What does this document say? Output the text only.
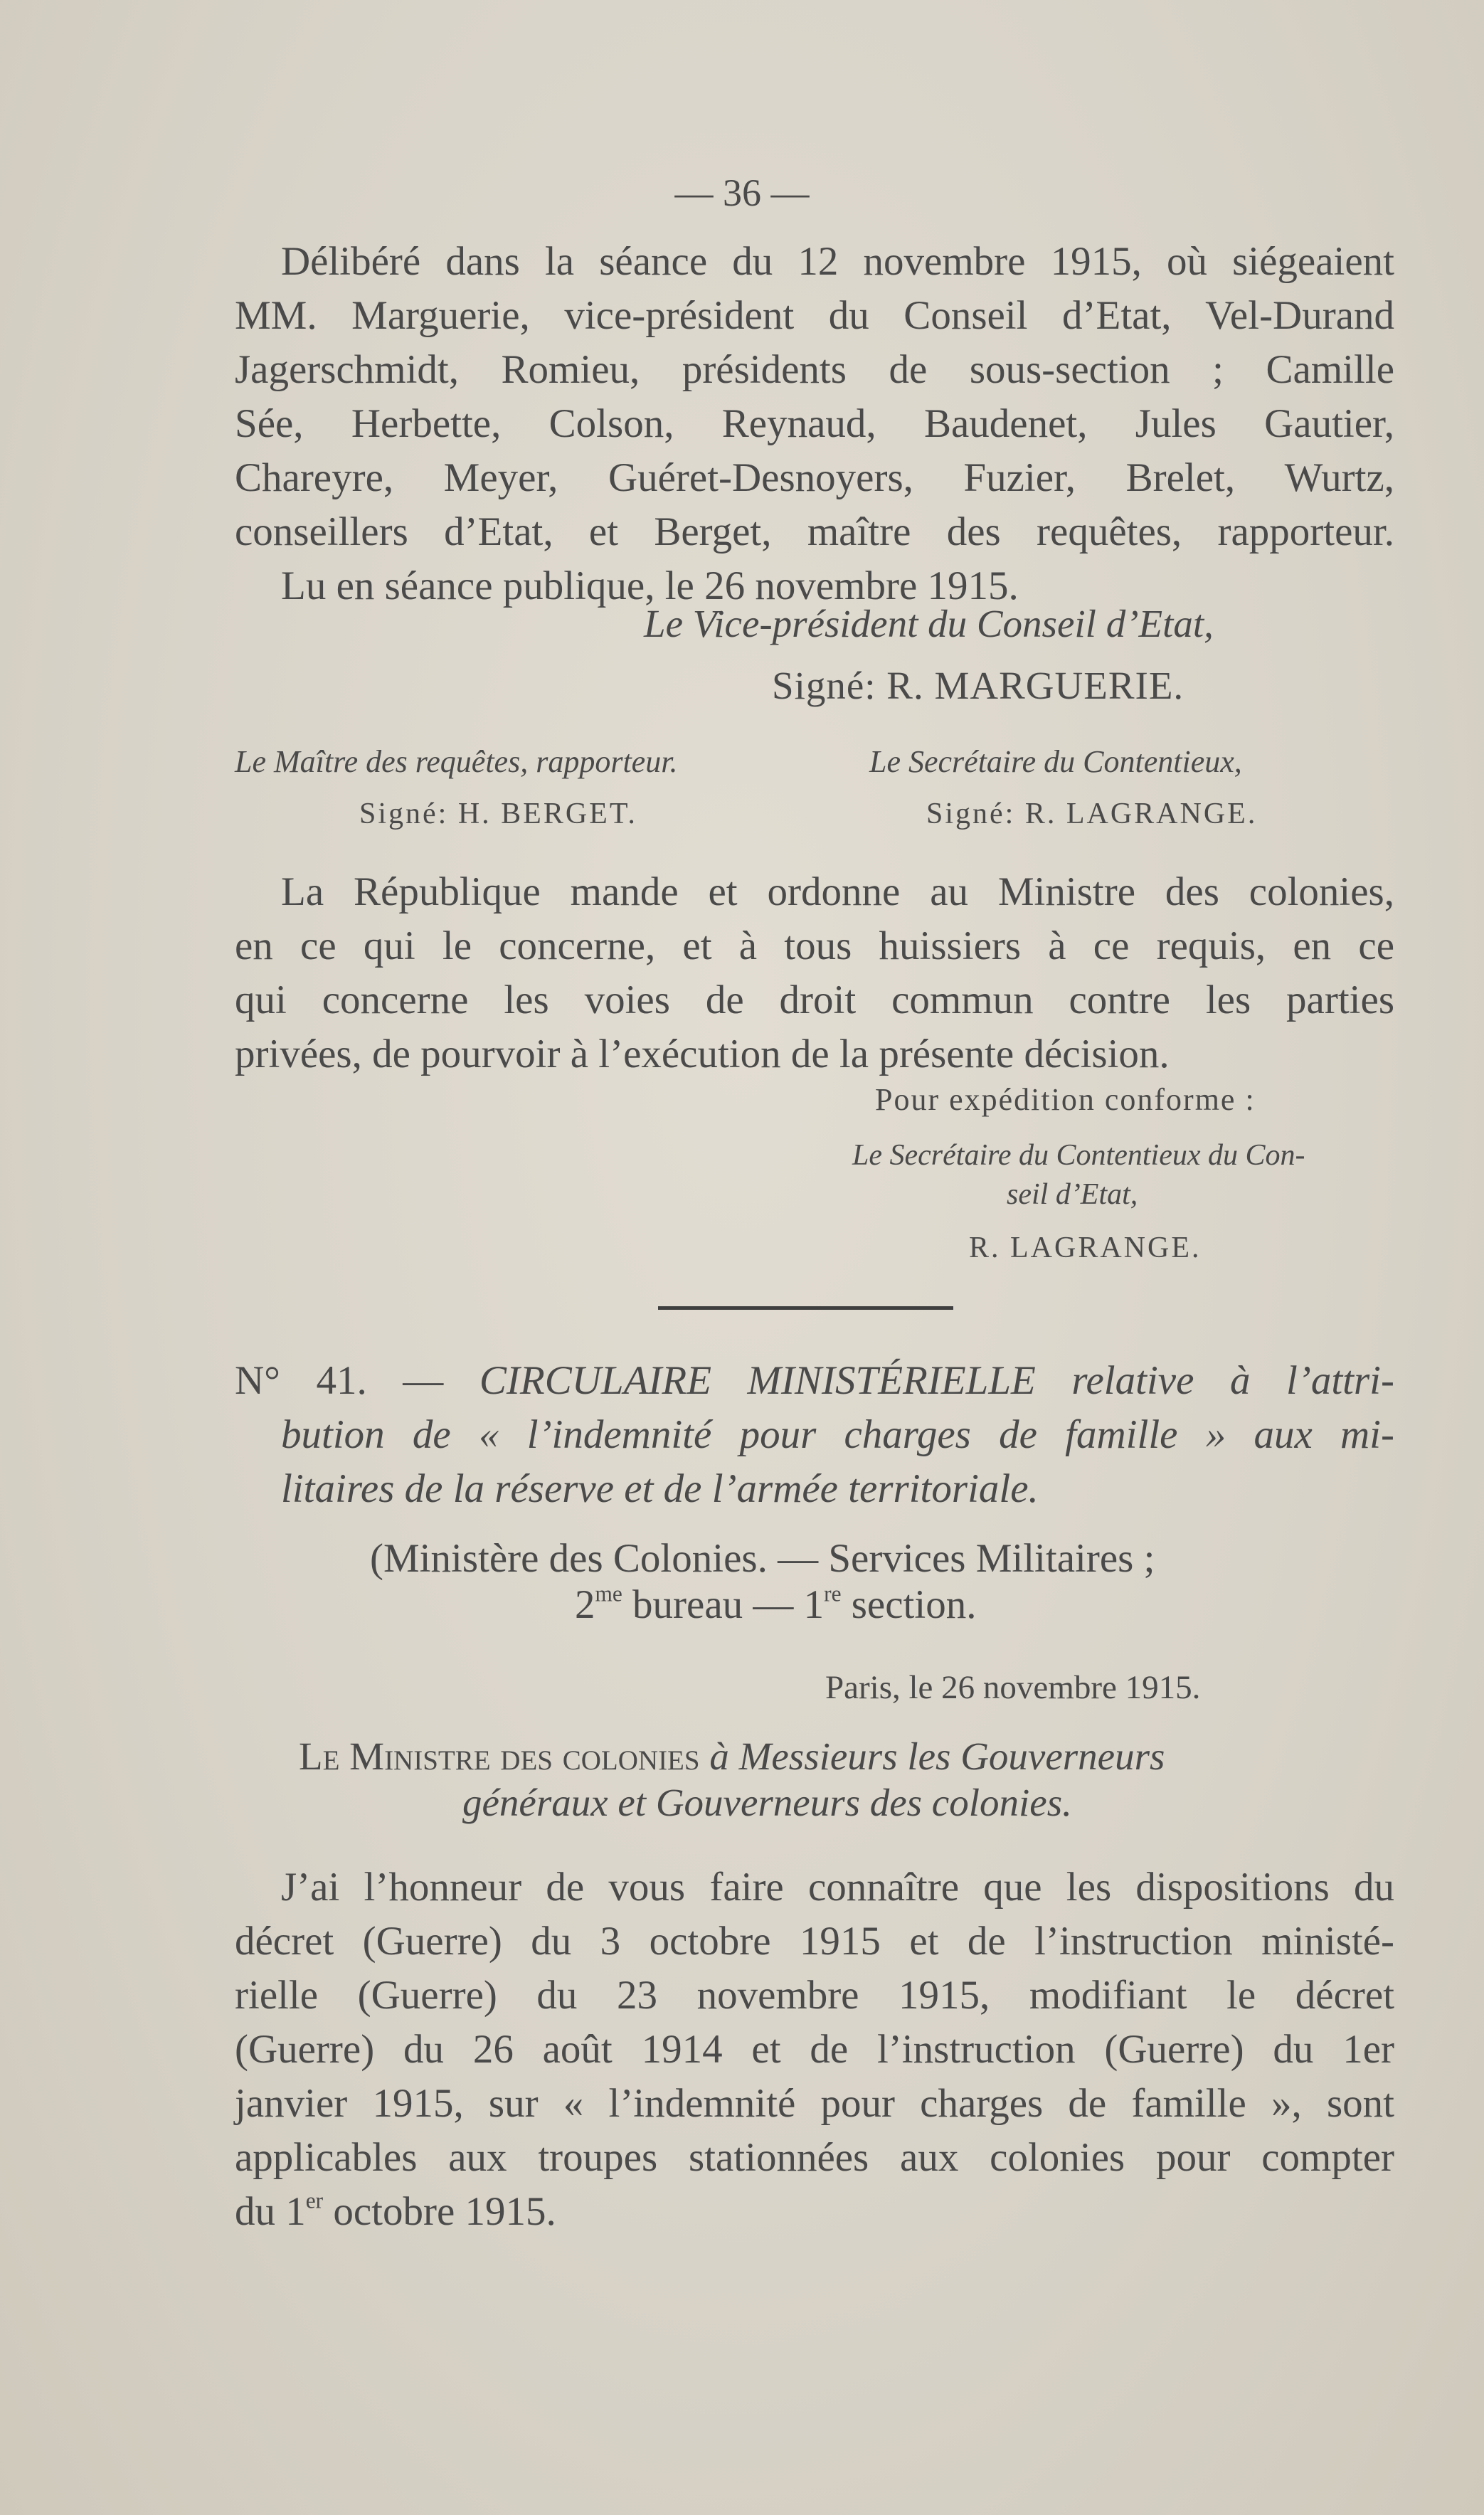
— 36 —
Délibéré dans la séance du 12 novembre 1915, où siégeaient
MM. Marguerie, vice-président du Conseil d’Etat, Vel-Durand
Jagerschmidt, Romieu, présidents de sous-section ; Camille
Sée, Herbette, Colson, Reynaud, Baudenet, Jules Gautier,
Chareyre, Meyer, Guéret-Desnoyers, Fuzier, Brelet, Wurtz,
conseillers d’Etat, et Berget, maître des requêtes, rapporteur.
Lu en séance publique, le 26 novembre 1915.
Le Vice-président du Conseil d’Etat,
Signé: R. MARGUERIE.
Le Maître des requêtes, rapporteur.	Le Secrétaire du Contentieux,
Signé: H. BERGET.	Signé: R. LAGRANGE.
La République mande et ordonne au Ministre des colonies,
en ce qui le concerne, et à tous huissiers à ce requis, en ce
qui concerne les voies de droit commun contre les parties
privées, de pourvoir à l’exécution de la présente décision.
Pour expédition conforme :
Le Secrétaire du Contentieux du Con-
seil d’Etat,
R. LAGRANGE.
N° 41. — CIRCULAIRE MINISTÉRIELLE relative à l’attri-
bution de « l’indemnité pour charges de famille » aux mi-
litaires de la réserve et de l’armée territoriale.
(Ministère des Colonies. — Services Militaires ;
$2^{me}$ bureau — 1re section.
Paris, le 26 novembre 1915.
Le Ministre des colonies à Messieurs les Gouverneurs
généraux et Gouverneurs des colonies.
J’ai l’honneur de vous faire connaître que les dispositions du
décret (Guerre) du 3 octobre 1915 et de l’instruction ministé-
rielle (Guerre) du 23 novembre 1915, modifiant le décret
(Guerre) du 26 août 1914 et de l’instruction (Guerre) du 1er
janvier 1915, sur « l’indemnité pour charges de famille », sont
applicables aux troupes stationnées aux colonies pour compter
du 1er octobre 1915.
